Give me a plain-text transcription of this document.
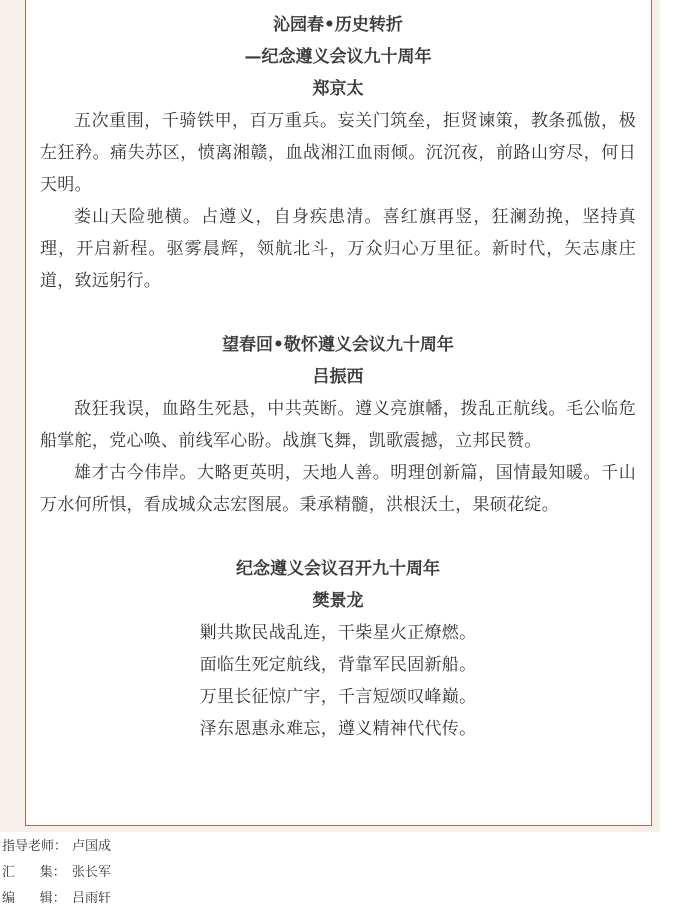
沁园春•历史转折
—纪念遵义会议九十周年
郑京太

五次重围，千骑铁甲，百万重兵。妄关门筑垒，拒贤谏策，教条孤傲，极左狂矜。痛失苏区，愤离湘赣，血战湘江血雨倾。沉沉夜，前路山穷尽，何日天明。

娄山天险驰横。占遵义，自身疾患清。喜红旗再竖，狂澜劲挽，坚持真理，开启新程。驱雾晨辉，领航北斗，万众归心万里征。新时代，矢志康庄道，致远躬行。

望春回•敬怀遵义会议九十周年
吕振西

敌狂我误，血路生死悬，中共英断。遵义亮旗幡，拨乱正航线。毛公临危船掌舵，党心唤、前线军心盼。战旗飞舞，凯歌震撼，立邦民赞。

雄才古今伟岸。大略更英明，天地人善。明理创新篇，国情最知暖。千山万水何所惧，看成城众志宏图展。秉承精髓，洪根沃土，果硕花绽。

纪念遵义会议召开九十周年
樊景龙
剿共欺民战乱连，干柴星火正燎燃。
面临生死定航线，背靠军民固新船。
万里长征惊广宇，千言短颂叹峰巅。
泽东恩惠永难忘，遵义精神代代传。
指导老师： 卢国成
汇      集： 张长军
编      辑： 吕雨轩
